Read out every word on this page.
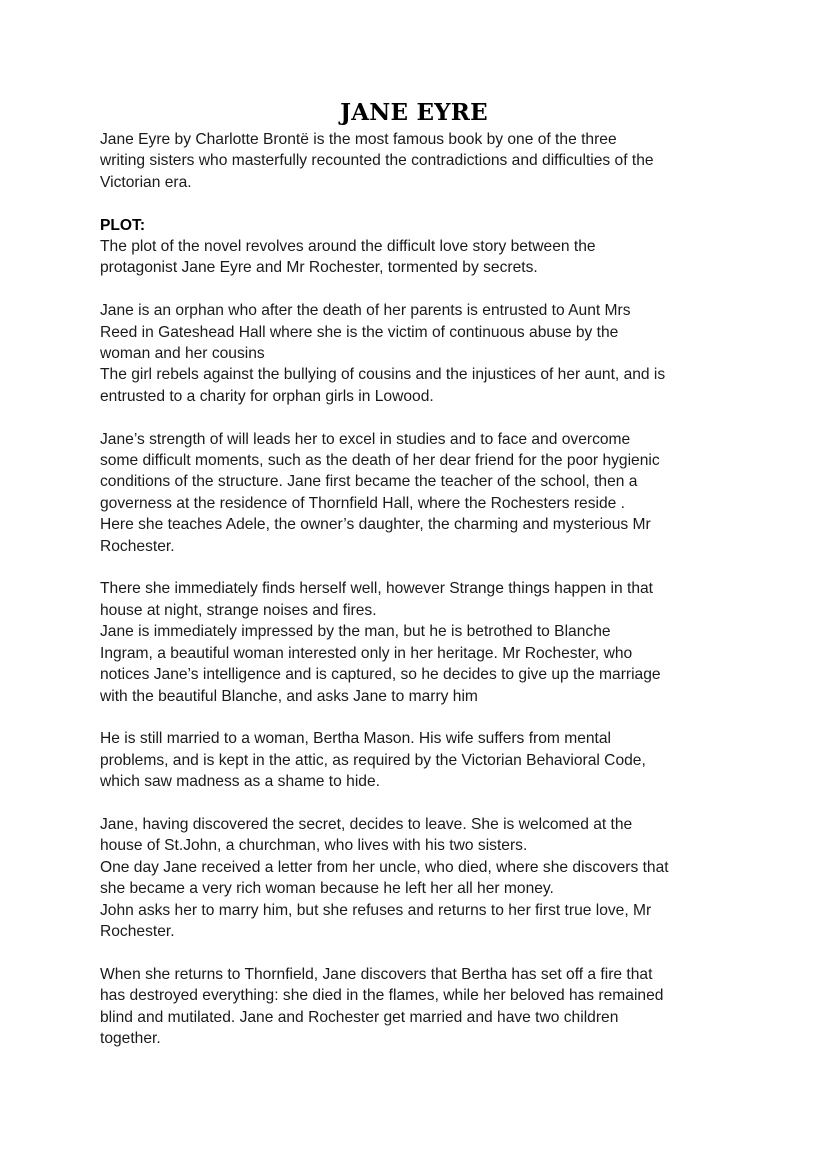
JANE EYRE

Jane Eyre by Charlotte Brontë is the most famous book by one of the three
writing sisters who masterfully recounted the contradictions and difficulties of the
Victorian era.

PLOT:
The plot of the novel revolves around the difficult love story between the
protagonist Jane Eyre and Mr Rochester, tormented by secrets.

Jane is an orphan who after the death of her parents is entrusted to Aunt Mrs
Reed in Gateshead Hall where she is the victim of continuous abuse by the
woman and her cousins
The girl rebels against the bullying of cousins and the injustices of her aunt, and is
entrusted to a charity for orphan girls in Lowood.

Jane’s strength of will leads her to excel in studies and to face and overcome
some difficult moments, such as the death of her dear friend for the poor hygienic
conditions of the structure. Jane first became the teacher of the school, then a
governess at the residence of Thornfield Hall, where the Rochesters reside .
Here she teaches Adele, the owner’s daughter, the charming and mysterious Mr
Rochester.

There she immediately finds herself well, however Strange things happen in that
house at night, strange noises and fires.
Jane is immediately impressed by the man, but he is betrothed to Blanche
Ingram, a beautiful woman interested only in her heritage. Mr Rochester, who
notices Jane’s intelligence and is captured, so he decides to give up the marriage
with the beautiful Blanche, and asks Jane to marry him

He is still married to a woman, Bertha Mason. His wife suffers from mental
problems, and is kept in the attic, as required by the Victorian Behavioral Code,
which saw madness as a shame to hide.

Jane, having discovered the secret, decides to leave. She is welcomed at the
house of St.John, a churchman, who lives with his two sisters.
One day Jane received a letter from her uncle, who died, where she discovers that
she became a very rich woman because he left her all her money.
John asks her to marry him, but she refuses and returns to her first true love, Mr
Rochester.

When she returns to Thornfield, Jane discovers that Bertha has set off a fire that
has destroyed everything: she died in the flames, while her beloved has remained
blind and mutilated. Jane and Rochester get married and have two children
together.
